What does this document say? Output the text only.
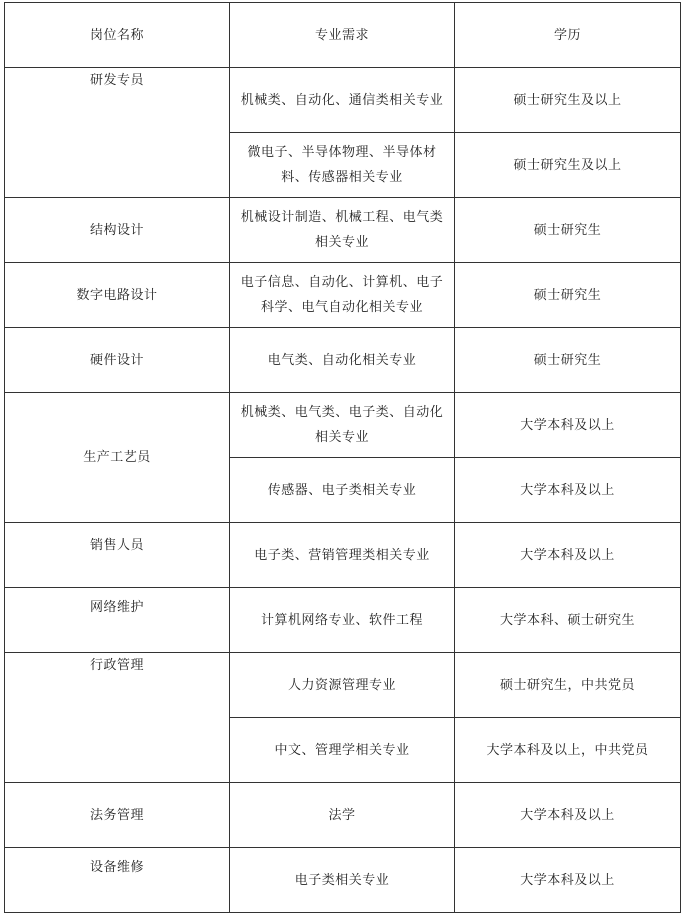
岗位名称	专业需求	学历
研发专员	机械类、自动化、通信类相关专业	硕士研究生及以上
	微电子、半导体物理、半导体材料、传感器相关专业	硕士研究生及以上
结构设计	机械设计制造、机械工程、电气类相关专业	硕士研究生
数字电路设计	电子信息、自动化、计算机、电子科学、电气自动化相关专业	硕士研究生
硬件设计	电气类、自动化相关专业	硕士研究生
生产工艺员	机械类、电气类、电子类、自动化相关专业	大学本科及以上
	传感器、电子类相关专业	大学本科及以上
销售人员	电子类、营销管理类相关专业	大学本科及以上
网络维护	计算机网络专业、软件工程	大学本科、硕士研究生
行政管理	人力资源管理专业	硕士研究生，中共党员
	中文、管理学相关专业	大学本科及以上，中共党员
法务管理	法学	大学本科及以上
设备维修	电子类相关专业	大学本科及以上
